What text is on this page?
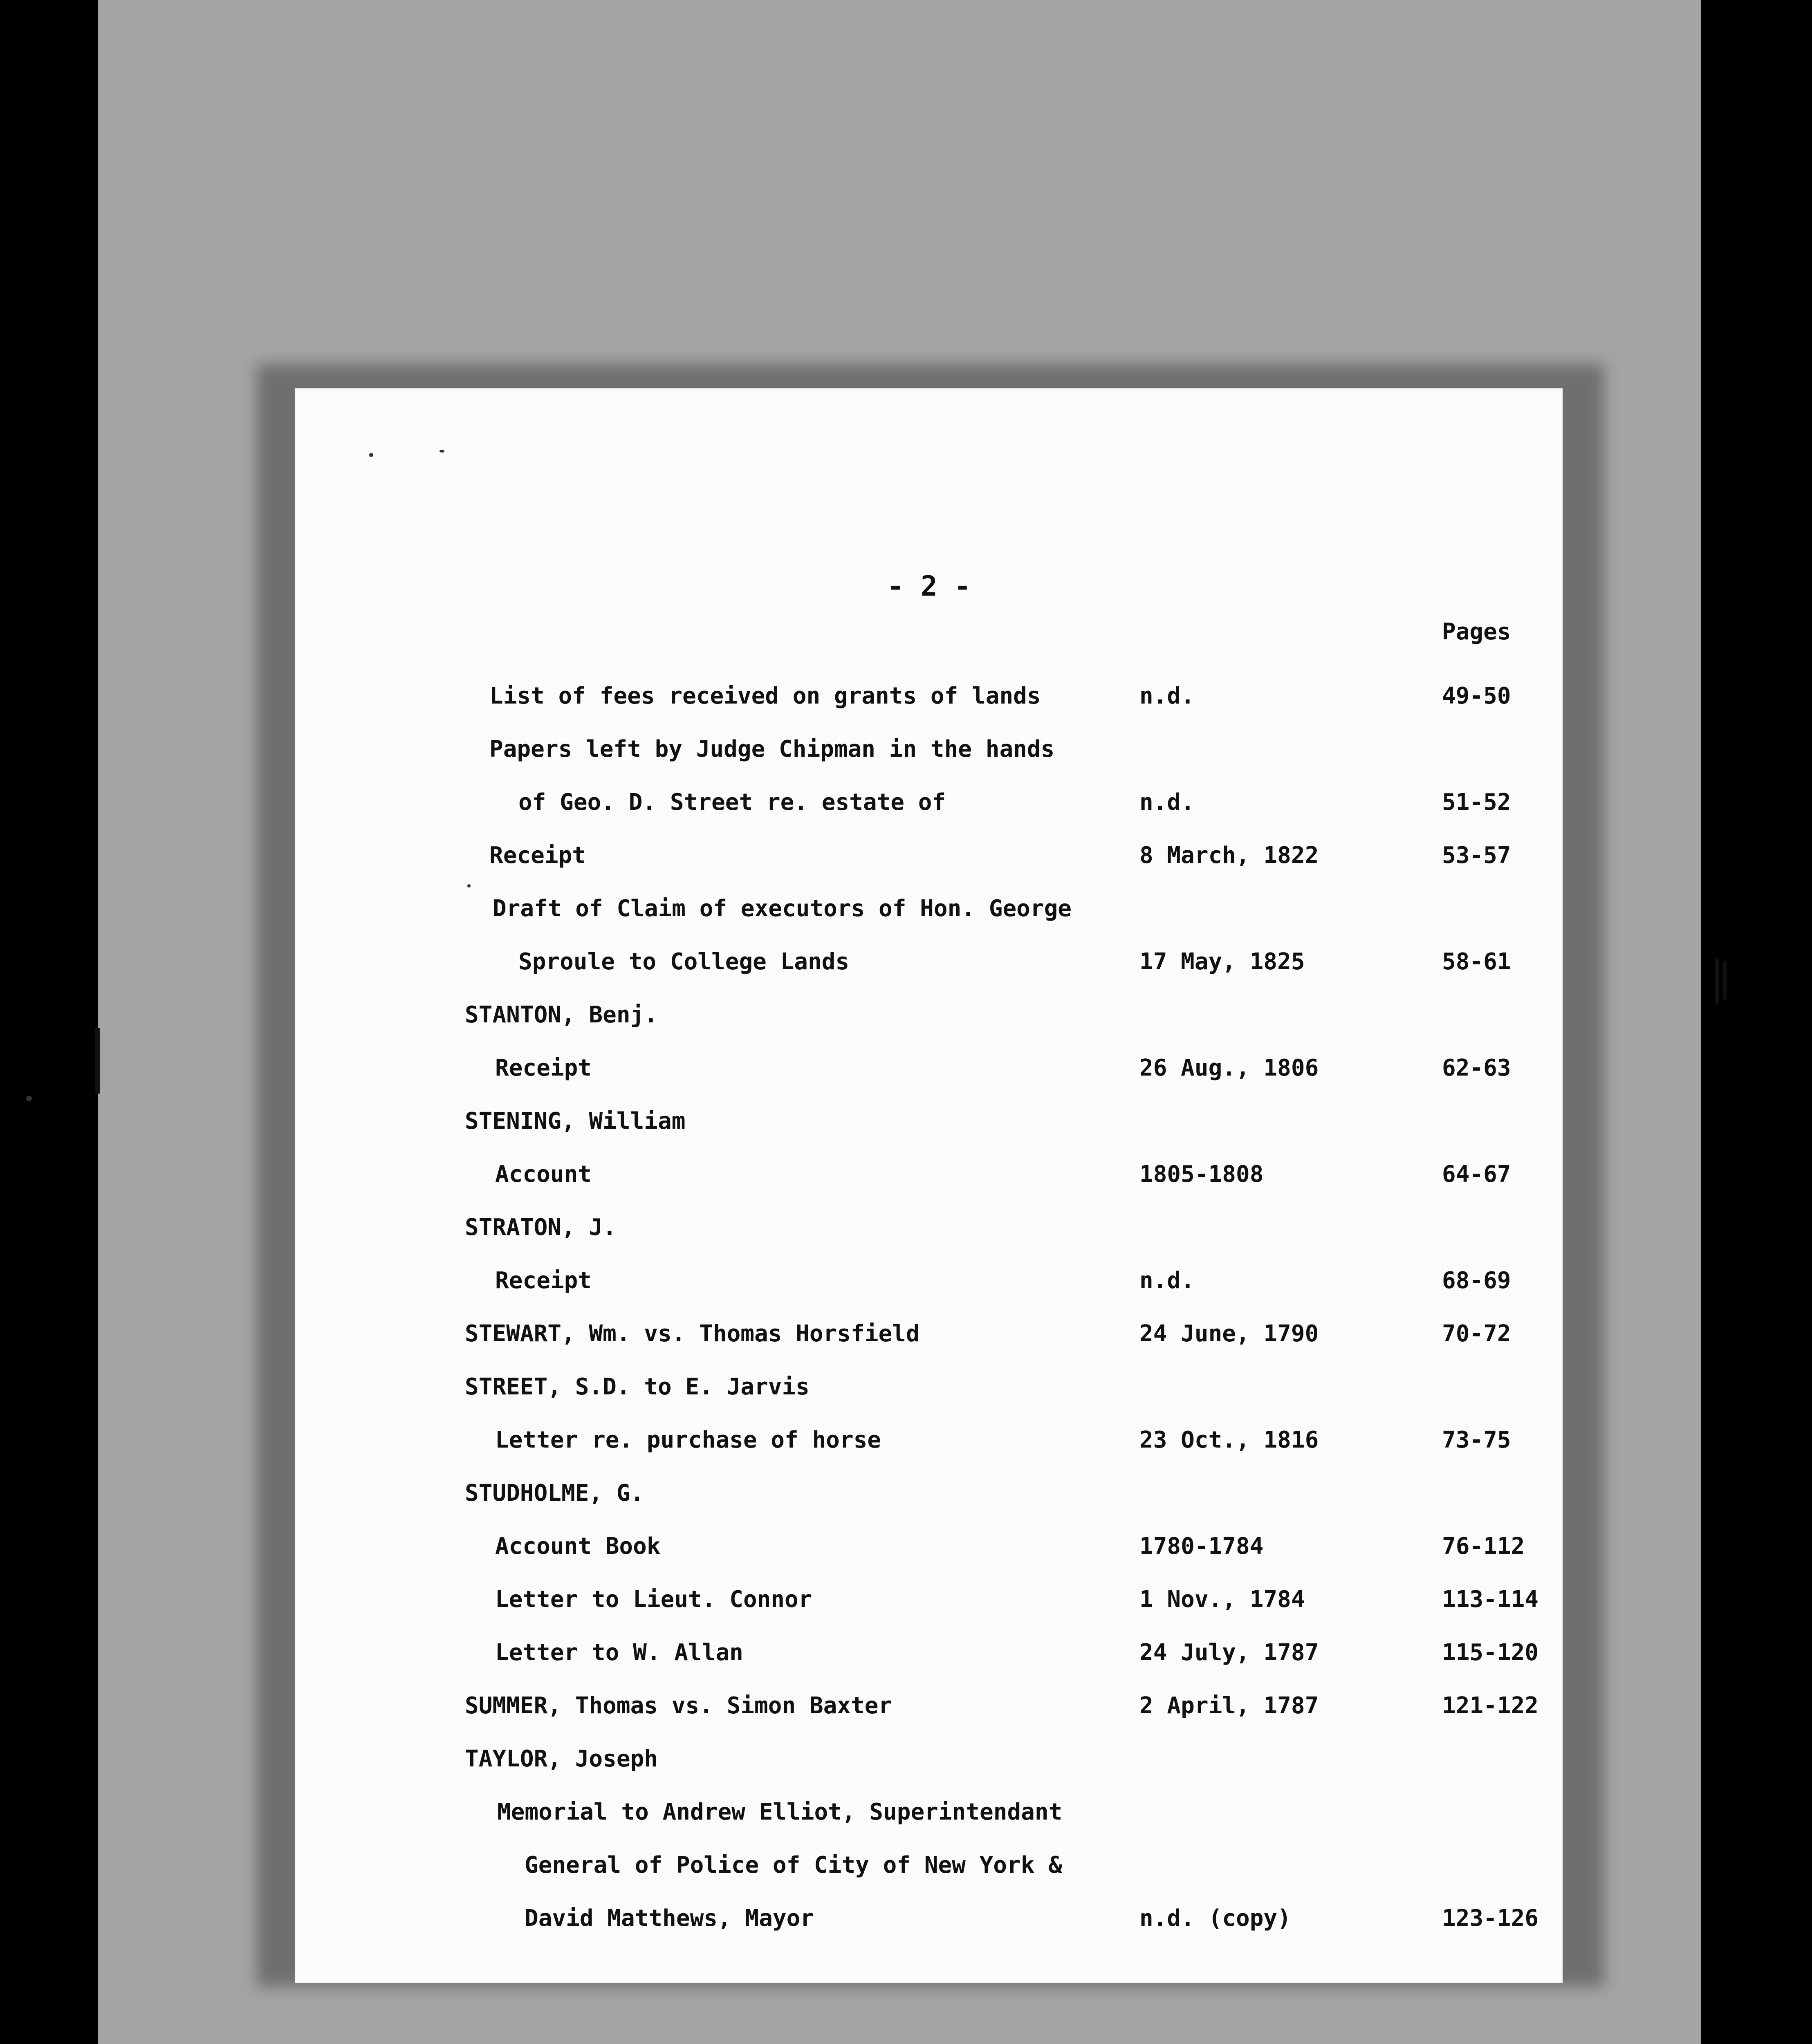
- 2 -
Pages
List of fees received on grants of lands	n.d.	49-50
Papers left by Judge Chipman in the hands
of Geo. D. Street re. estate of	n.d.	51-52
Receipt	8 March, 1822	53-57
Draft of Claim of executors of Hon. George
Sproule to College Lands	17 May, 1825	58-61
STANTON, Benj.
Receipt	26 Aug., 1806	62-63
STENING, William
Account	1805-1808	64-67
STRATON, J.
Receipt	n.d.	68-69
STEWART, Wm. vs. Thomas Horsfield	24 June, 1790	70-72
STREET, S.D. to E. Jarvis
Letter re. purchase of horse	23 Oct., 1816	73-75
STUDHOLME, G.
Account Book	1780-1784	76-112
Letter to Lieut. Connor	1 Nov., 1784	113-114
Letter to W. Allan	24 July, 1787	115-120
SUMMER, Thomas vs. Simon Baxter	2 April, 1787	121-122
TAYLOR, Joseph
Memorial to Andrew Elliot, Superintendant
General of Police of City of New York &
David Matthews, Mayor	n.d. (copy)	123-126
